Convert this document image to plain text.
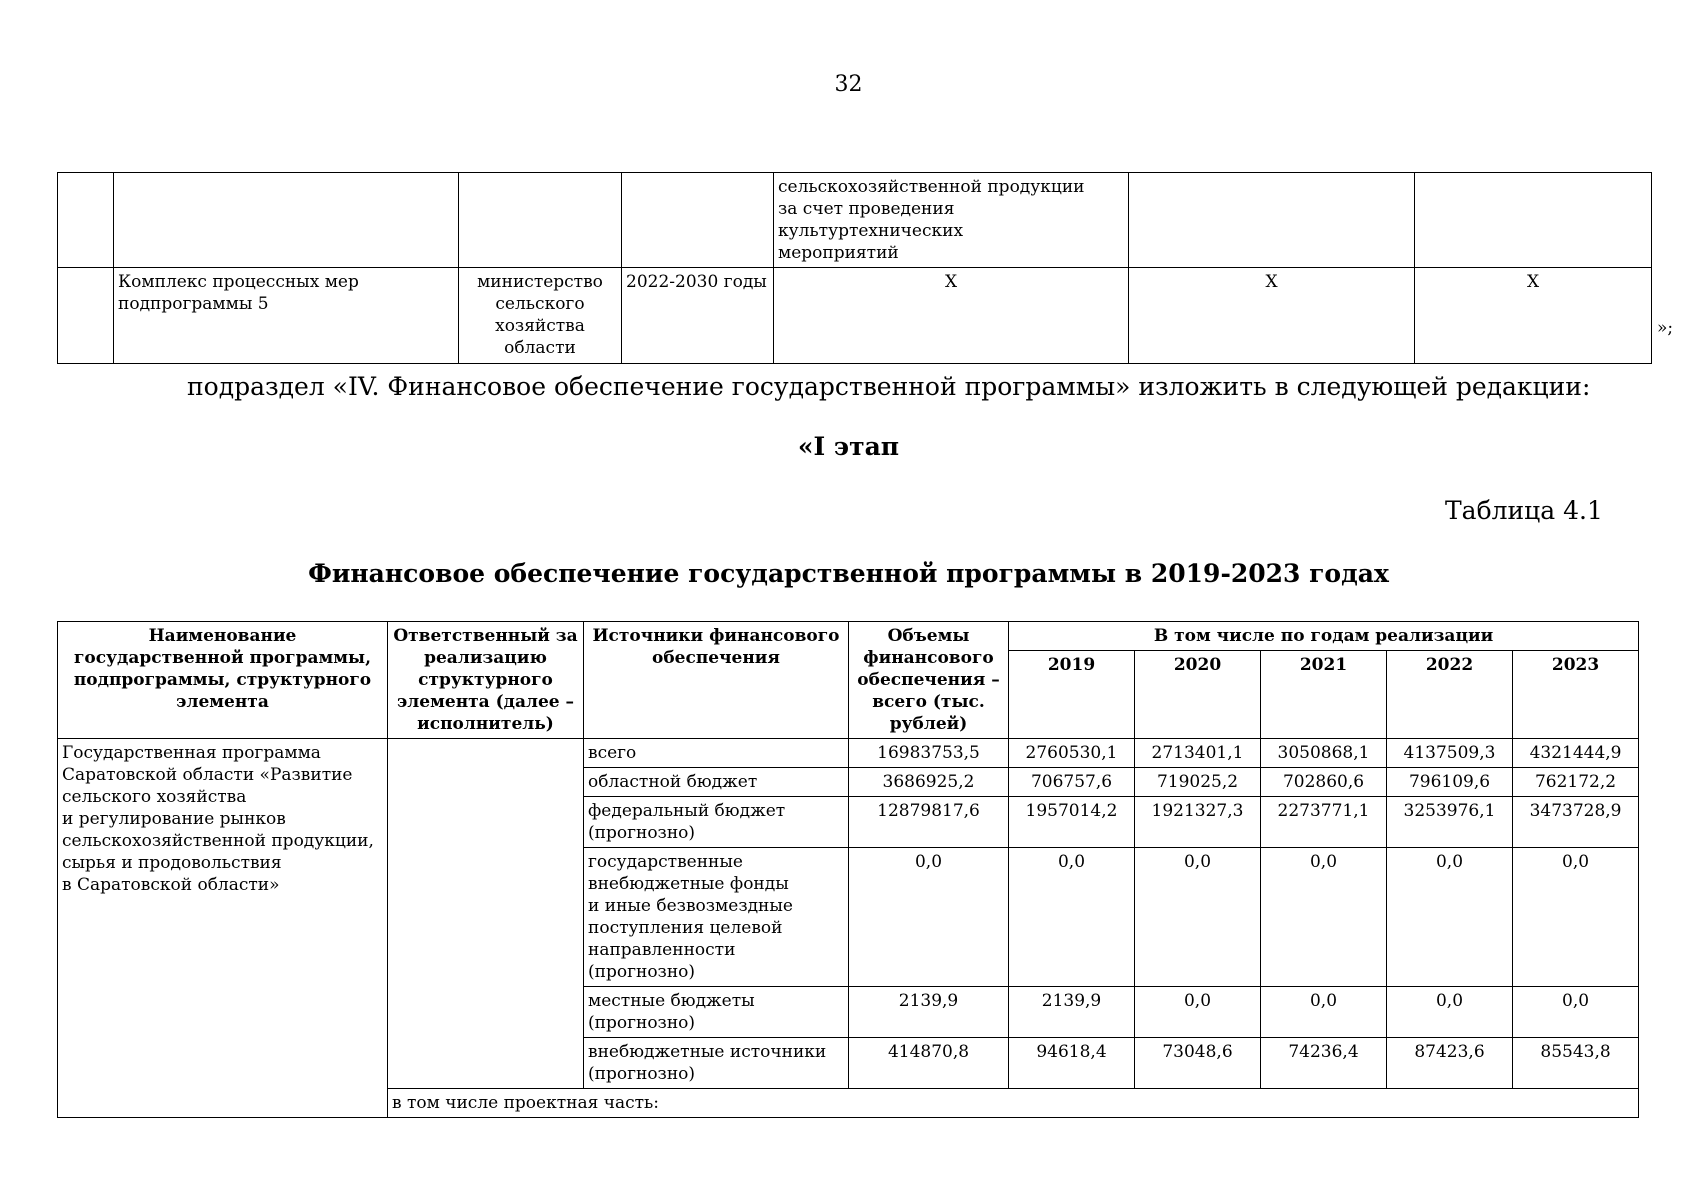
32
				сельскохозяйственной продукции
за счет проведения культуртехнических
мероприятий		
	Комплекс процессных мер
подпрограммы 5	министерство
сельского
хозяйства
области	2022-2030 годы	Х	Х	Х
»;
подраздел «IV. Финансовое обеспечение государственной программы» изложить в следующей редакции:
«I этап
Таблица 4.1
Финансовое обеспечение государственной программы в 2019-2023 годах
Наименование государственной программы, подпрограммы, структурного элемента	Ответственный за реализацию структурного элемента (далее – исполнитель)	Источники финансового обеспечения	Объемы финансового обеспечения – всего (тыс. рублей)	В том числе по годам реализации				
				2019	2020	2021	2022	2023
Государственная программа Саратовской области «Развитие сельского хозяйства
и регулирование рынков сельскохозяйственной продукции, сырья и продовольствия
в Саратовской области»		всего	16983753,5	2760530,1	2713401,1	3050868,1	4137509,3	4321444,9
		областной бюджет	3686925,2	706757,6	719025,2	702860,6	796109,6	762172,2
		федеральный бюджет (прогнозно)	12879817,6	1957014,2	1921327,3	2273771,1	3253976,1	3473728,9
		государственные внебюджетные фонды
и иные безвозмездные поступления целевой направленности (прогнозно)	0,0	0,0	0,0	0,0	0,0	0,0
		местные бюджеты (прогнозно)	2139,9	2139,9	0,0	0,0	0,0	0,0
		внебюджетные источники (прогнозно)	414870,8	94618,4	73048,6	74236,4	87423,6	85543,8
	в том числе проектная часть:							
